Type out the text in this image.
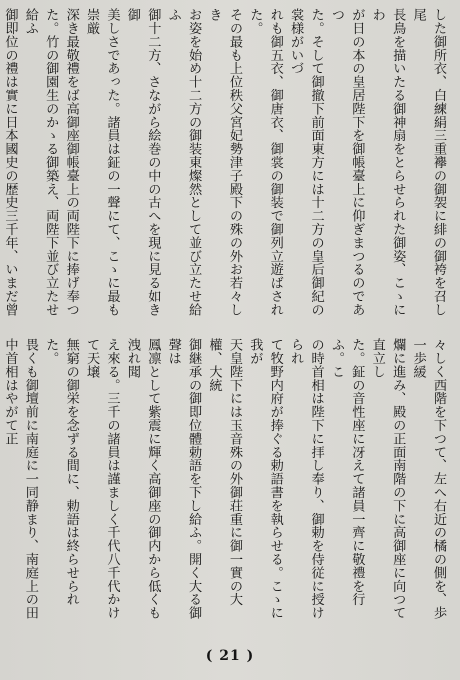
した御所衣、白練絹三重襷の御袈に緋の御袴を召し尾
長鳥を描いたる御神扇をとらせられた御姿、こゝにわ
が日の本の皇居陛下を御帳臺上に仰ぎまつるのであつ
た。そして御撤下前面東方には十二方の皇后御紀の裳様がいづ
れも御五衣、御唐衣、御裳の御装で御列立遊ばされた。
その最も上位秩父宮妃勢津子殿下の殊の外お若々しき
お姿を始め十二方の御装東燦然として並び立たせ給ふ
御十二方、さながら絵巻の中の古へを現に見る如き御
美しさであった。諸員は鉦の一聲にて、こゝに最も崇厳
深き最敬禮をば高御座御帳臺上の両陛下に捧げ奉つ
た。竹の御園生のかゝる御築え、両陛下並び立たせ給ふ
御即位の禮は實に日本國史の歴史三千年、いまだ曾

々しく西階を下つて、左へ右近の橘の側を、歩一歩緩
爛に進み、殿の正面南階の下に高御座に向つて直立し
た。鉦の音性座に冴えて諸員一齊に敬禮を行ふ。こ
の時首相は陛下に拝し奉り、御勅を侍従に授けられ
て牧野内府が捧ぐる勅語書を執らせる。こゝに我が
天皇陛下には玉音殊の外御荘重に御一實の大權、大統
御継承の御即位體勅語を下し給ふ。開く大る御聲は
鳳凛として紫震に輝く高御座の御内から低くも洩れ聞
え來る。三千の諸員は謹ましく千代八千代かけて天壌
無窮の御栄を念ずる間に、勅語は終らせられた。
畏くも御壇前に南庭に一同静まり、南庭上の田中首相はやがて正
( 21 )
